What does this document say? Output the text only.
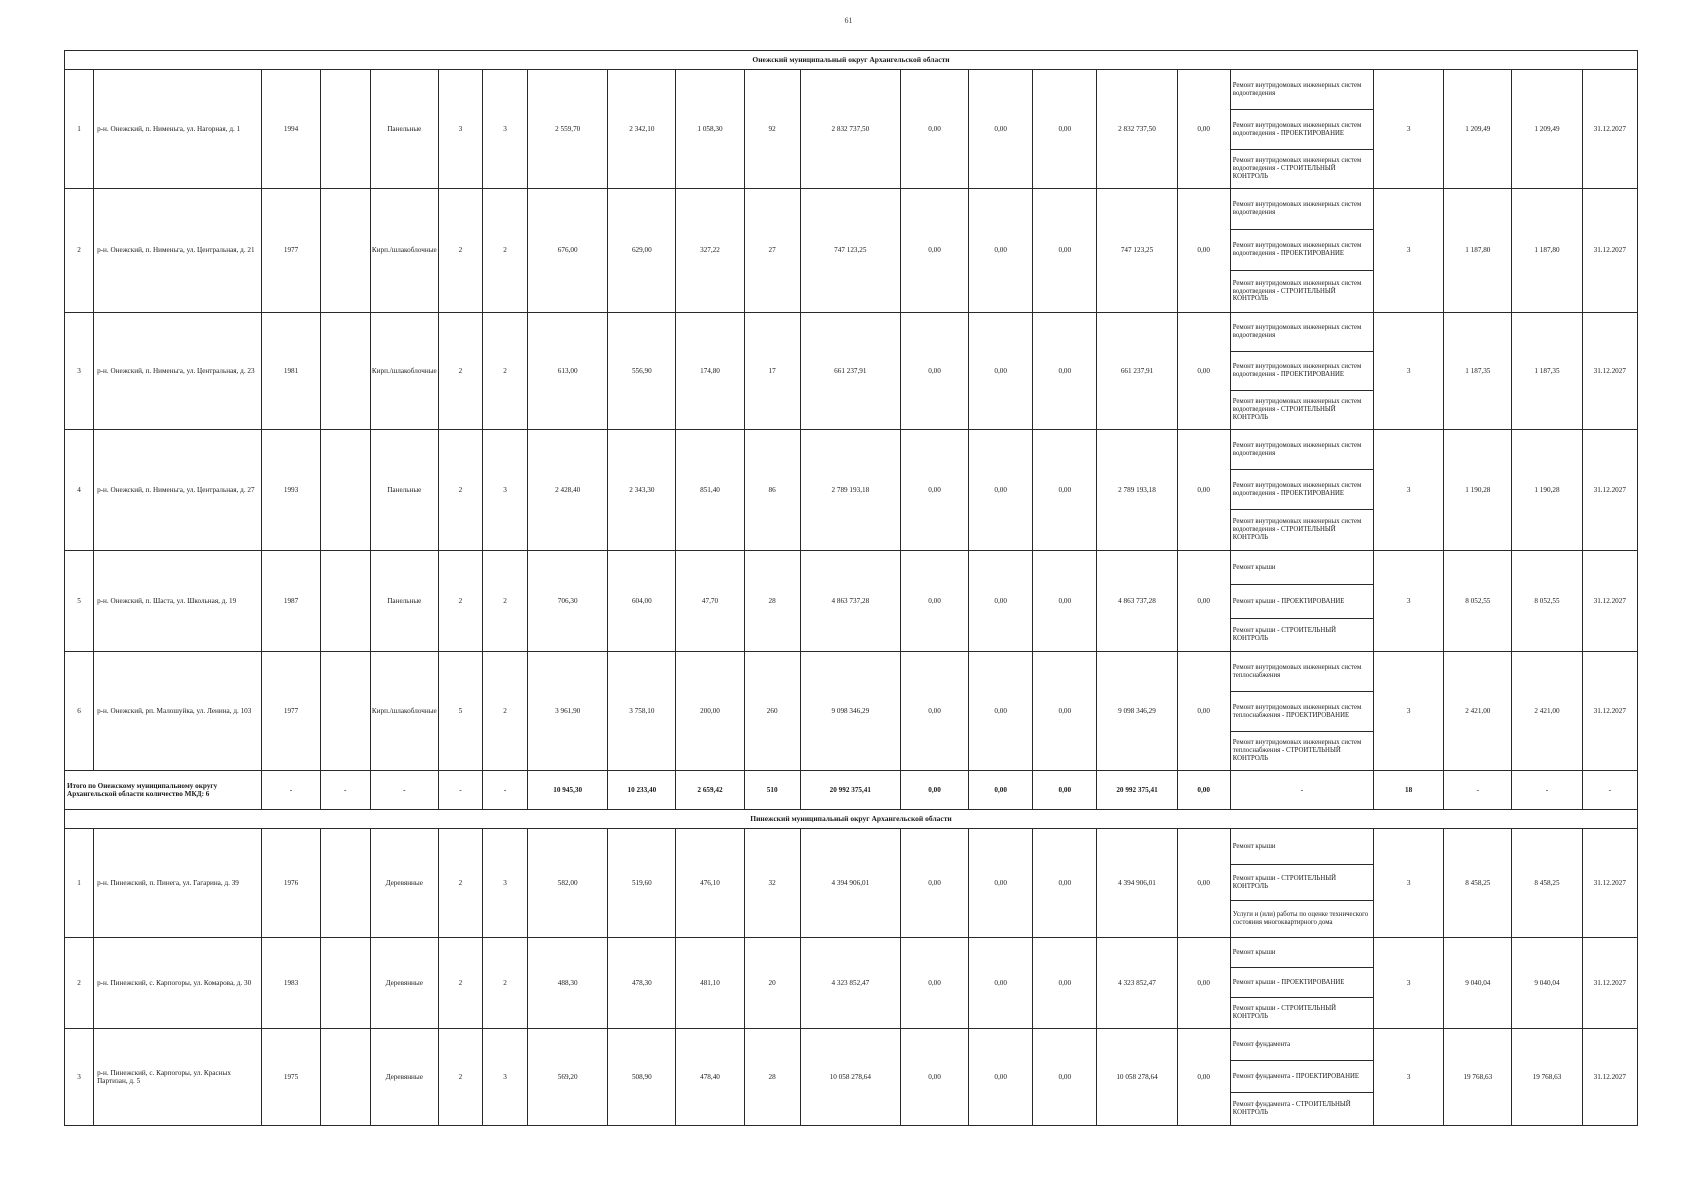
61
Онежский муниципальный округ Архангельской области																					
1	р-н. Онежский, п. Нименьга, ул. Нагорная, д. 1	1994		Панельные	3	3	2 559,70	2 342,10	1 058,30	92	2 832 737,50	0,00	0,00	0,00	2 832 737,50	0,00	Ремонт внутридомовых инженерных систем водоотведения	3	1 209,49	1 209,49	31.12.2027
																	Ремонт внутридомовых инженерных систем водоотведения - ПРОЕКТИРОВАНИЕ				
																	Ремонт внутридомовых инженерных систем водоотведения - СТРОИТЕЛЬНЫЙ КОНТРОЛЬ				
2	р-н. Онежский, п. Нименьга, ул. Центральная, д. 21	1977		Кирп./шлакоблочные	2	2	676,00	629,00	327,22	27	747 123,25	0,00	0,00	0,00	747 123,25	0,00	Ремонт внутридомовых инженерных систем водоотведения	3	1 187,80	1 187,80	31.12.2027
																	Ремонт внутридомовых инженерных систем водоотведения - ПРОЕКТИРОВАНИЕ				
																	Ремонт внутридомовых инженерных систем водоотведения - СТРОИТЕЛЬНЫЙ КОНТРОЛЬ				
3	р-н. Онежский, п. Нименьга, ул. Центральная, д. 23	1981		Кирп./шлакоблочные	2	2	613,00	556,90	174,80	17	661 237,91	0,00	0,00	0,00	661 237,91	0,00	Ремонт внутридомовых инженерных систем водоотведения	3	1 187,35	1 187,35	31.12.2027
																	Ремонт внутридомовых инженерных систем водоотведения - ПРОЕКТИРОВАНИЕ				
																	Ремонт внутридомовых инженерных систем водоотведения - СТРОИТЕЛЬНЫЙ КОНТРОЛЬ				
4	р-н. Онежский, п. Нименьга, ул. Центральная, д. 27	1993		Панельные	2	3	2 428,40	2 343,30	851,40	86	2 789 193,18	0,00	0,00	0,00	2 789 193,18	0,00	Ремонт внутридомовых инженерных систем водоотведения	3	1 190,28	1 190,28	31.12.2027
																	Ремонт внутридомовых инженерных систем водоотведения - ПРОЕКТИРОВАНИЕ				
																	Ремонт внутридомовых инженерных систем водоотведения - СТРОИТЕЛЬНЫЙ КОНТРОЛЬ				
5	р-н. Онежский, п. Шаста, ул. Школьная, д. 19	1987		Панельные	2	2	706,30	604,00	47,70	28	4 863 737,28	0,00	0,00	0,00	4 863 737,28	0,00	Ремонт крыши	3	8 052,55	8 052,55	31.12.2027
																	Ремонт крыши - ПРОЕКТИРОВАНИЕ				
																	Ремонт крыши - СТРОИТЕЛЬНЫЙ КОНТРОЛЬ				
6	р-н. Онежский, рп. Малошуйка, ул. Ленина, д. 103	1977		Кирп./шлакоблочные	5	2	3 961,90	3 758,10	200,00	260	9 098 346,29	0,00	0,00	0,00	9 098 346,29	0,00	Ремонт внутридомовых инженерных систем теплоснабжения	3	2 421,00	2 421,00	31.12.2027
																	Ремонт внутридомовых инженерных систем теплоснабжения - ПРОЕКТИРОВАНИЕ				
																	Ремонт внутридомовых инженерных систем теплоснабжения - СТРОИТЕЛЬНЫЙ КОНТРОЛЬ				
Итого по Онежскому муниципальному округу Архангельской области количество МКД: 6		-	-	-	-	-	10 945,30	10 233,40	2 659,42	510	20 992 375,41	0,00	0,00	0,00	20 992 375,41	0,00	-	18	-	-	-
Пинежский муниципальный округ Архангельской области																					
1	р-н. Пинежский, п. Пинега, ул. Гагарина, д. 39	1976		Деревянные	2	3	582,00	519,60	476,10	32	4 394 906,01	0,00	0,00	0,00	4 394 906,01	0,00	Ремонт крыши	3	8 458,25	8 458,25	31.12.2027
																	Ремонт крыши - СТРОИТЕЛЬНЫЙ КОНТРОЛЬ				
																	Услуги и (или) работы по оценке технического состояния многоквартирного дома				
2	р-н. Пинежский, с. Карпогоры, ул. Комарова, д. 30	1983		Деревянные	2	2	488,30	478,30	481,10	20	4 323 852,47	0,00	0,00	0,00	4 323 852,47	0,00	Ремонт крыши	3	9 040,04	9 040,04	31.12.2027
																	Ремонт крыши - ПРОЕКТИРОВАНИЕ				
																	Ремонт крыши - СТРОИТЕЛЬНЫЙ КОНТРОЛЬ				
3	р-н. Пинежский, с. Карпогоры, ул. Красных Партизан, д. 5	1975		Деревянные	2	3	569,20	508,90	478,40	28	10 058 278,64	0,00	0,00	0,00	10 058 278,64	0,00	Ремонт фундамента	3	19 768,63	19 768,63	31.12.2027
																	Ремонт фундамента - ПРОЕКТИРОВАНИЕ				
																	Ремонт фундамента - СТРОИТЕЛЬНЫЙ КОНТРОЛЬ				
